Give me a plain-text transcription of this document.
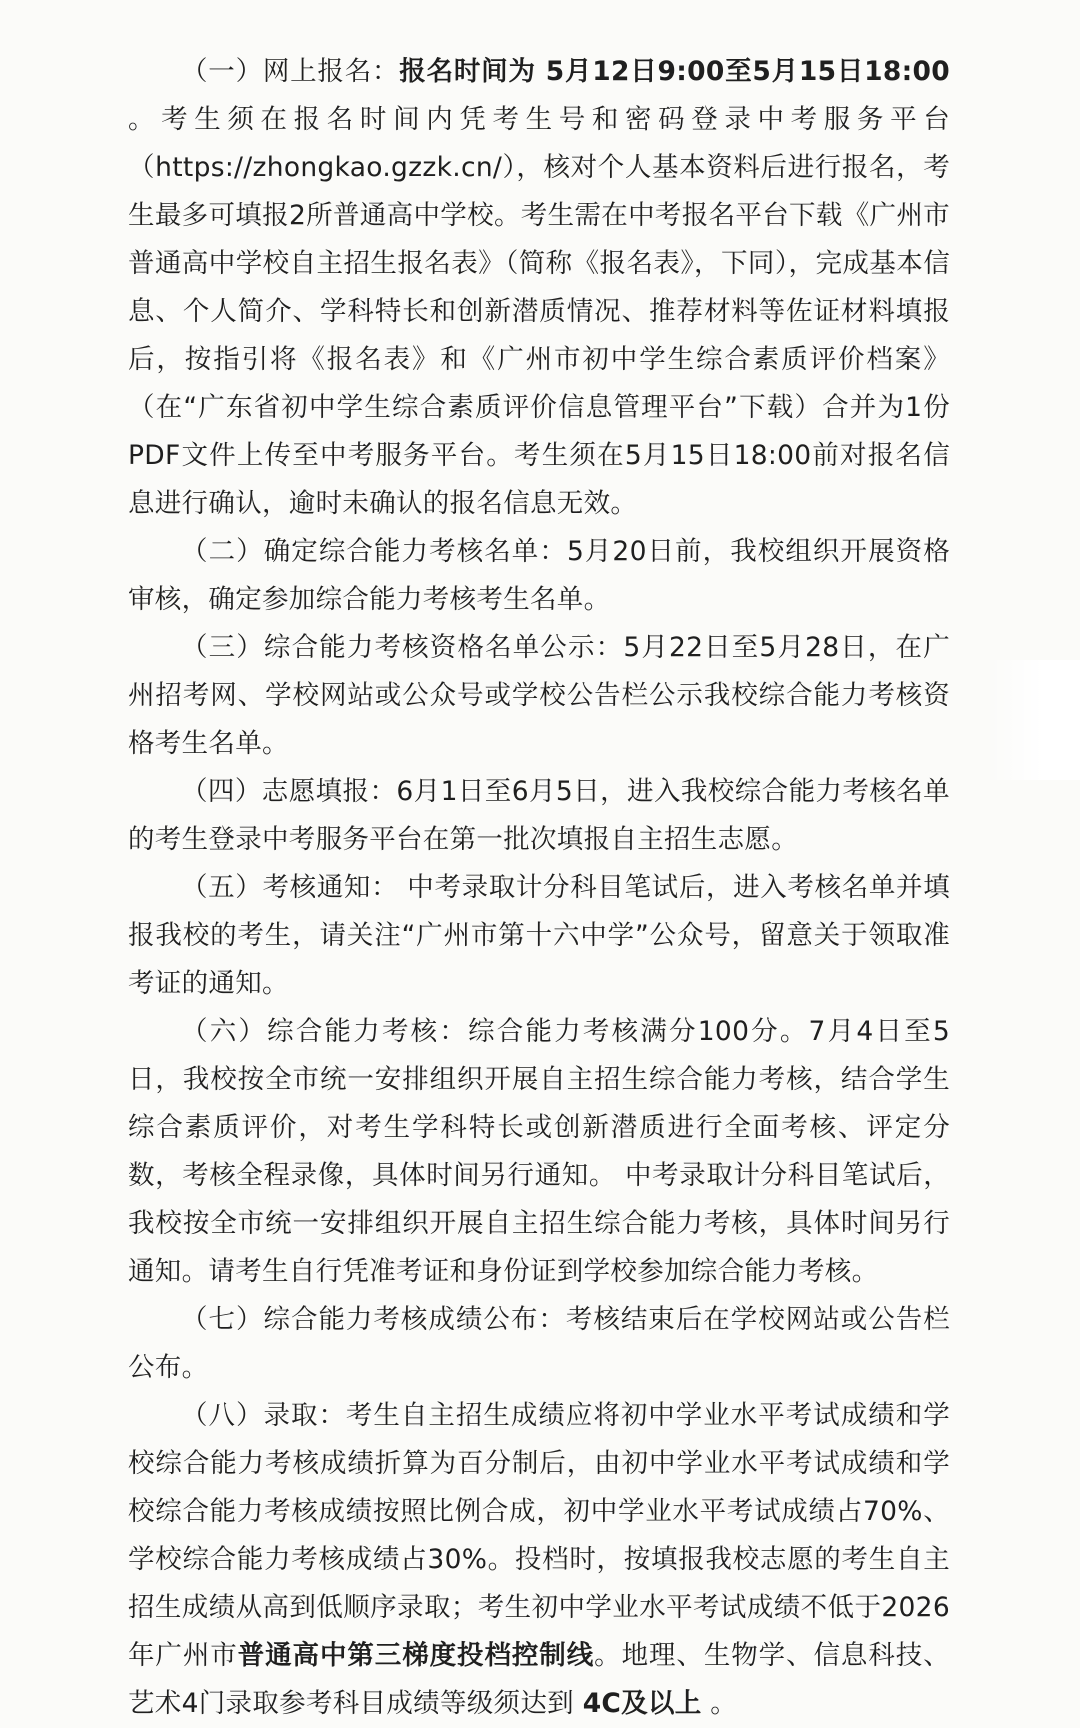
（一）网上报名：报名时间为 5月12日9:00至5月15日18:00 。考生须在报名时间内凭考生号和密码登录中考服务平台（https://zhongkao.gzzk.cn/），核对个人基本资料后进行报名，考生最多可填报2所普通高中学校。考生需在中考报名平台下载《广州市普通高中学校自主招生报名表》（简称《报名表》，下同），完成基本信息、个人简介、学科特长和创新潜质情况、推荐材料等佐证材料填报后，按指引将《报名表》和《广州市初中学生综合素质评价档案》（在“广东省初中学生综合素质评价信息管理平台”下载）合并为1份PDF文件上传至中考服务平台。考生须在5月15日18:00前对报名信息进行确认，逾时未确认的报名信息无效。

（二）确定综合能力考核名单：5月20日前，我校组织开展资格审核，确定参加综合能力考核考生名单。

（三）综合能力考核资格名单公示：5月22日至5月28日，在广州招考网、学校网站或公众号或学校公告栏公示我校综合能力考核资格考生名单。

（四）志愿填报：6月1日至6月5日，进入我校综合能力考核名单的考生登录中考服务平台在第一批次填报自主招生志愿。

（五）考核通知： 中考录取计分科目笔试后，进入考核名单并填报我校的考生，请关注“广州市第十六中学”公众号，留意关于领取准考证的通知。

（六）综合能力考核：综合能力考核满分100分。7月4日至5日，我校按全市统一安排组织开展自主招生综合能力考核，结合学生综合素质评价，对考生学科特长或创新潜质进行全面考核、评定分数，考核全程录像，具体时间另行通知。 中考录取计分科目笔试后，我校按全市统一安排组织开展自主招生综合能力考核，具体时间另行通知。请考生自行凭准考证和身份证到学校参加综合能力考核。

（七）综合能力考核成绩公布：考核结束后在学校网站或公告栏公布。

（八）录取：考生自主招生成绩应将初中学业水平考试成绩和学校综合能力考核成绩折算为百分制后，由初中学业水平考试成绩和学校综合能力考核成绩按照比例合成，初中学业水平考试成绩占70%、学校综合能力考核成绩占30%。投档时，按填报我校志愿的考生自主招生成绩从高到低顺序录取；考生初中学业水平考试成绩不低于2026年广州市普通高中第三梯度投档控制线。地理、生物学、信息科技、艺术4门录取参考科目成绩等级须达到 4C及以上 。
